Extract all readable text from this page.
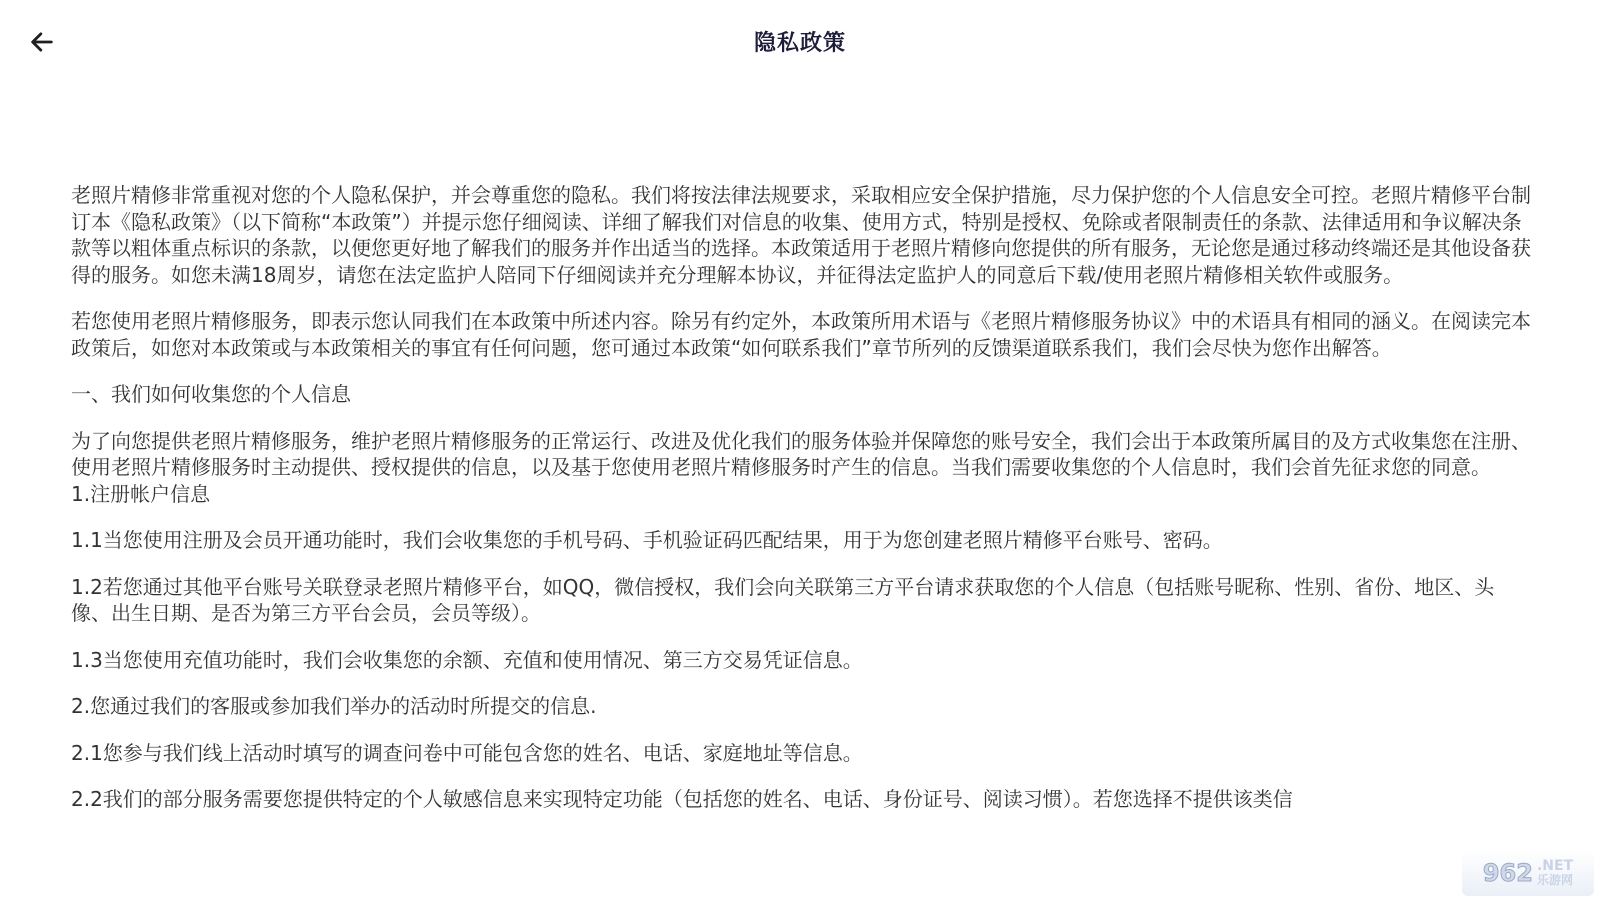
隐私政策

老照片精修非常重视对您的个人隐私保护，并会尊重您的隐私。我们将按法律法规要求，采取相应安全保护措施，尽力保护您的个人信息安全可控。老照片精修平台制订本《隐私政策》（以下简称“本政策”）并提示您仔细阅读、详细了解我们对信息的收集、使用方式，特别是授权、免除或者限制责任的条款、法律适用和争议解决条款等以粗体重点标识的条款，以便您更好地了解我们的服务并作出适当的选择。本政策适用于老照片精修向您提供的所有服务，无论您是通过移动终端还是其他设备获得的服务。如您未满18周岁，请您在法定监护人陪同下仔细阅读并充分理解本协议，并征得法定监护人的同意后下载/使用老照片精修相关软件或服务。

若您使用老照片精修服务，即表示您认同我们在本政策中所述内容。除另有约定外，本政策所用术语与《老照片精修服务协议》中的术语具有相同的涵义。在阅读完本政策后，如您对本政策或与本政策相关的事宜有任何问题，您可通过本政策“如何联系我们”章节所列的反馈渠道联系我们，我们会尽快为您作出解答。

一、我们如何收集您的个人信息

为了向您提供老照片精修服务，维护老照片精修服务的正常运行、改进及优化我们的服务体验并保障您的账号安全，我们会出于本政策所属目的及方式收集您在注册、使用老照片精修服务时主动提供、授权提供的信息，以及基于您使用老照片精修服务时产生的信息。当我们需要收集您的个人信息时，我们会首先征求您的同意。

1.注册帐户信息

1.1当您使用注册及会员开通功能时，我们会收集您的手机号码、手机验证码匹配结果，用于为您创建老照片精修平台账号、密码。

1.2若您通过其他平台账号关联登录老照片精修平台，如QQ，微信授权，我们会向关联第三方平台请求获取您的个人信息（包括账号昵称、性别、省份、地区、头像、出生日期、是否为第三方平台会员，会员等级）。

1.3当您使用充值功能时，我们会收集您的余额、充值和使用情况、第三方交易凭证信息。

2.您通过我们的客服或参加我们举办的活动时所提交的信息.

2.1您参与我们线上活动时填写的调查问卷中可能包含您的姓名、电话、家庭地址等信息。

2.2我们的部分服务需要您提供特定的个人敏感信息来实现特定功能（包括您的姓名、电话、身份证号、阅读习惯）。若您选择不提供该类信

962 .NET
乐游网
